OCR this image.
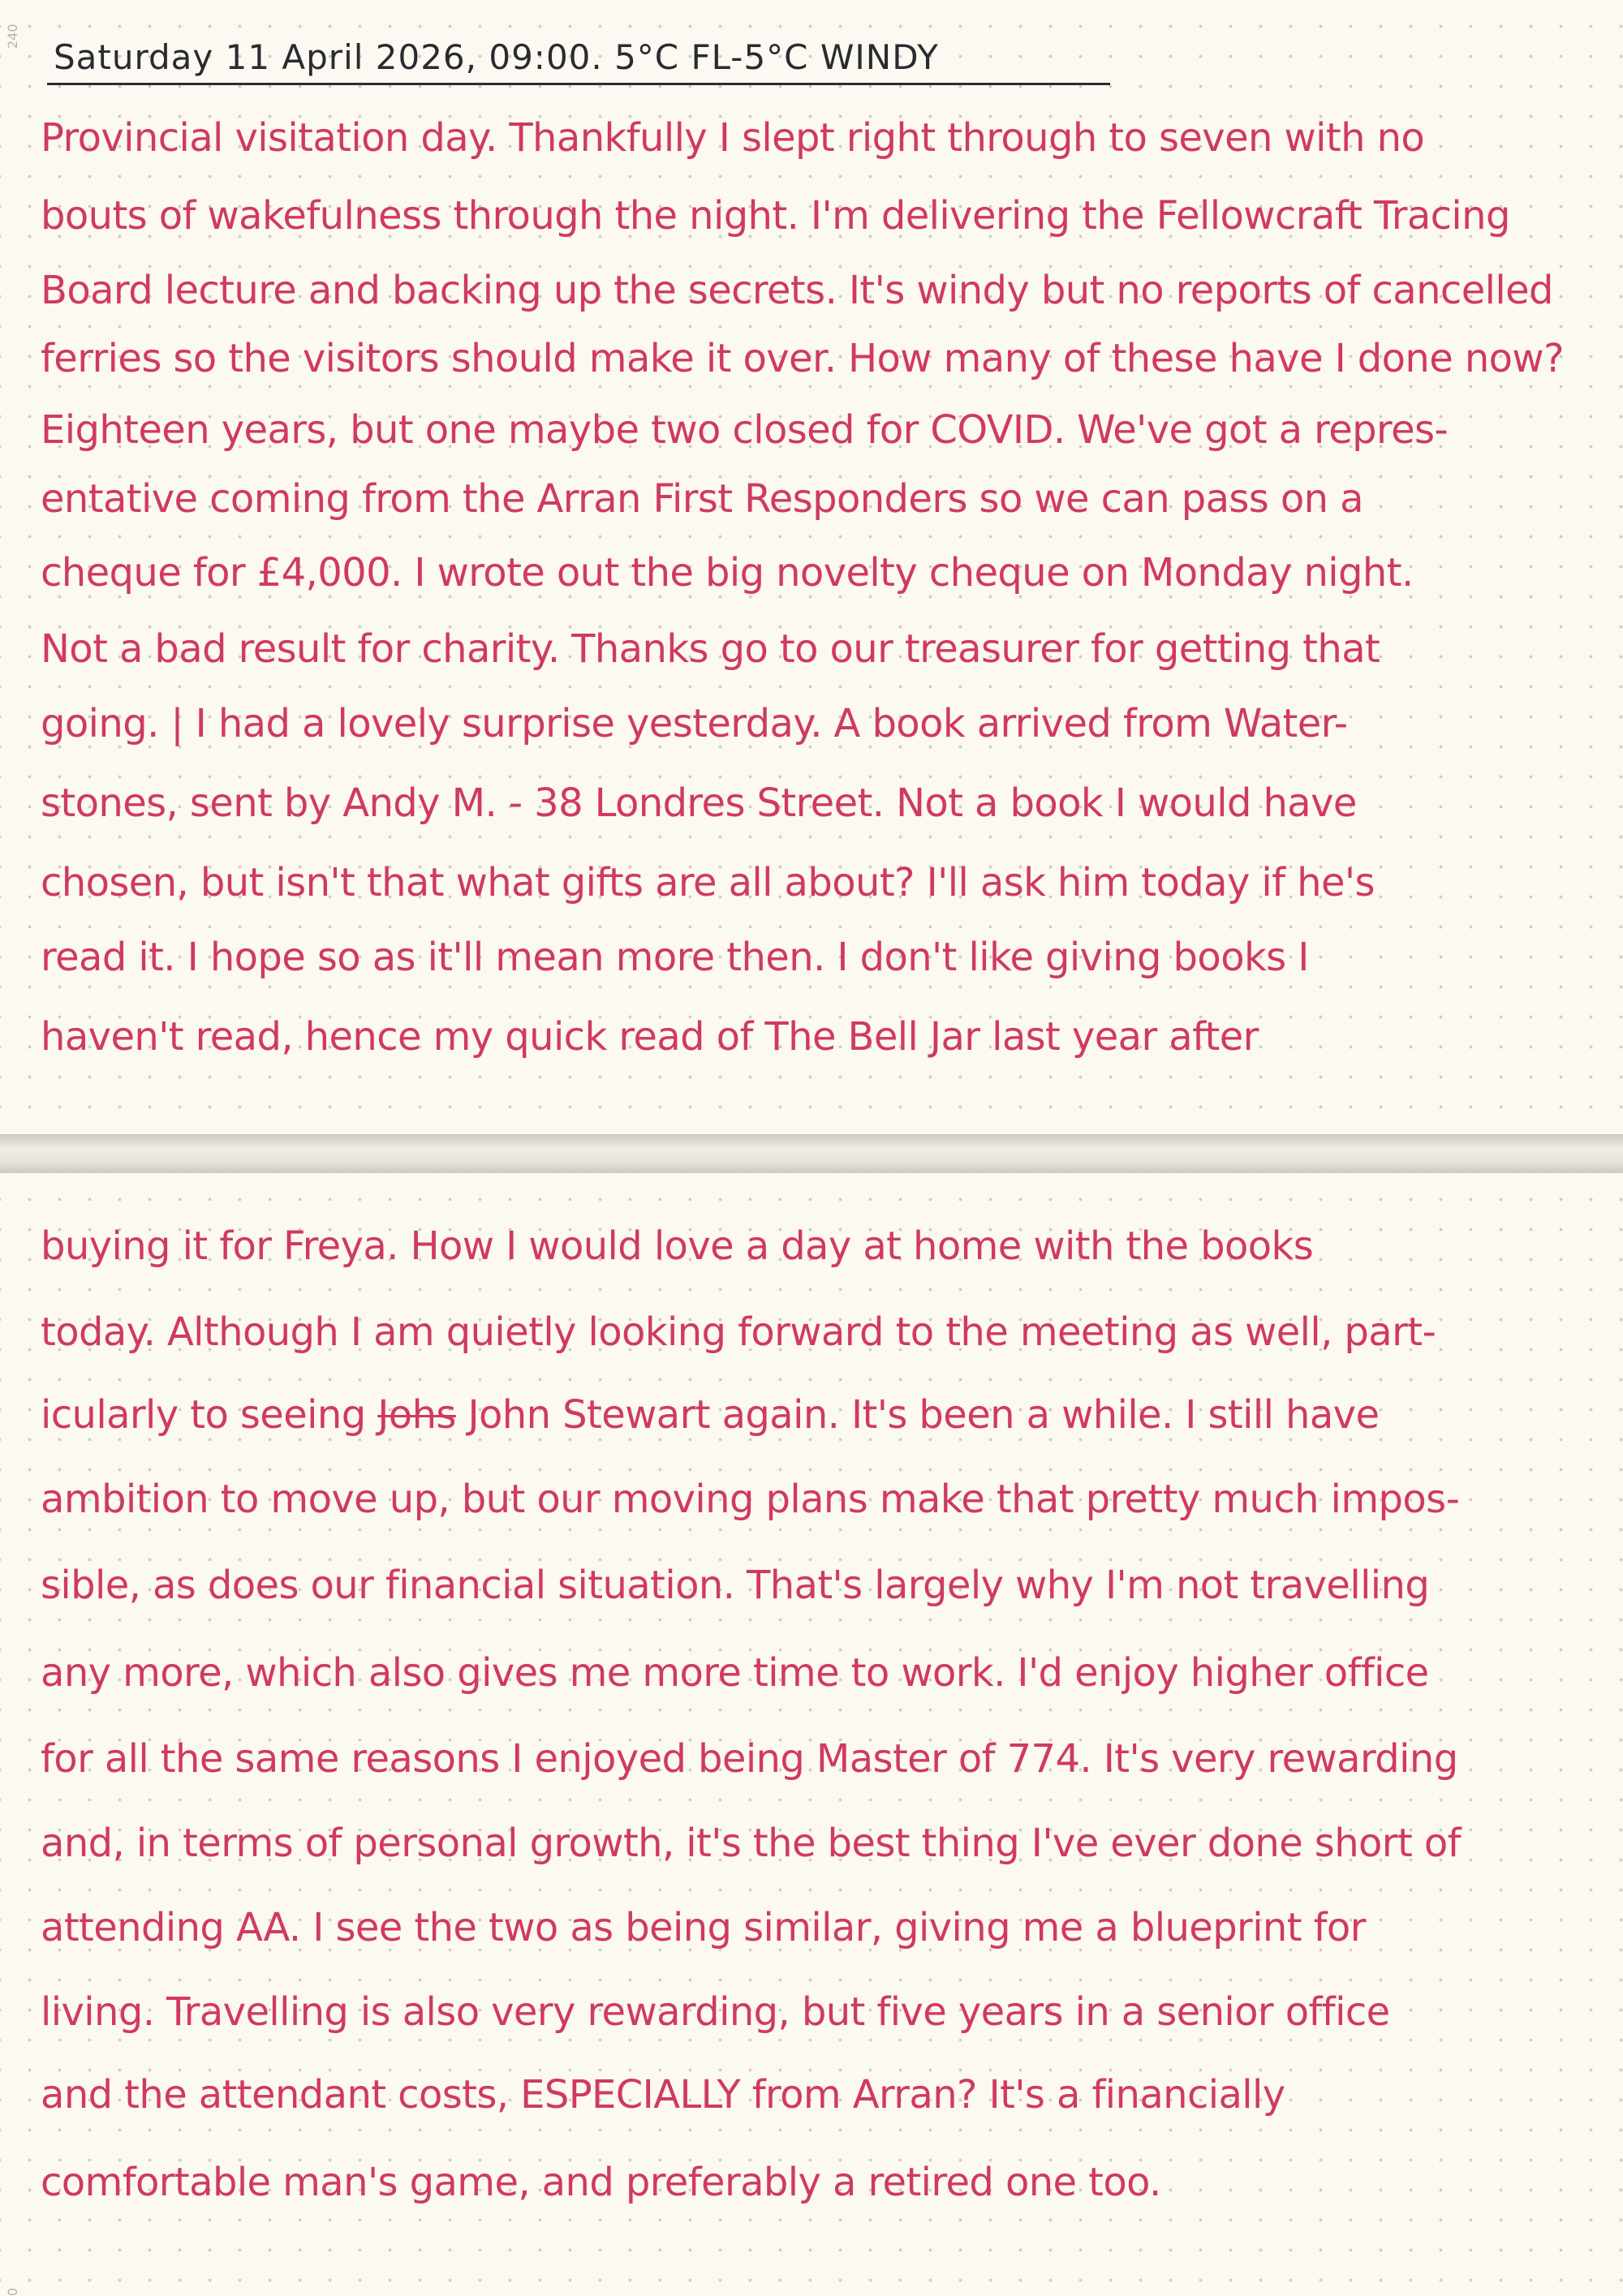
240
Saturday 11 April 2026, 09:00. 5°C FL-5°C WINDY
Provincial visitation day. Thankfully I slept right through to seven with no
bouts of wakefulness through the night. I'm delivering the Fellowcraft Tracing
Board lecture and backing up the secrets. It's windy but no reports of cancelled
ferries so the visitors should make it over. How many of these have I done now?
Eighteen years, but one maybe two closed for COVID. We've got a repres-
entative coming from the Arran First Responders so we can pass on a
cheque for £4,000. I wrote out the big novelty cheque on Monday night.
Not a bad result for charity. Thanks go to our treasurer for getting that
going. | I had a lovely surprise yesterday. A book arrived from Water-
stones, sent by Andy M. - 38 Londres Street. Not a book I would have
chosen, but isn't that what gifts are all about? I'll ask him today if he's
read it. I hope so as it'll mean more then. I don't like giving books I
haven't read, hence my quick read of The Bell Jar last year after
0
buying it for Freya. How I would love a day at home with the books
today. Although I am quietly looking forward to the meeting as well, part-
icularly to seeing Johs John Stewart again. It's been a while. I still have
ambition to move up, but our moving plans make that pretty much impos-
sible, as does our financial situation. That's largely why I'm not travelling
any more, which also gives me more time to work. I'd enjoy higher office
for all the same reasons I enjoyed being Master of 774. It's very rewarding
and, in terms of personal growth, it's the best thing I've ever done short of
attending AA. I see the two as being similar, giving me a blueprint for
living. Travelling is also very rewarding, but five years in a senior office
and the attendant costs, ESPECIALLY from Arran? It's a financially
comfortable man's game, and preferably a retired one too.
